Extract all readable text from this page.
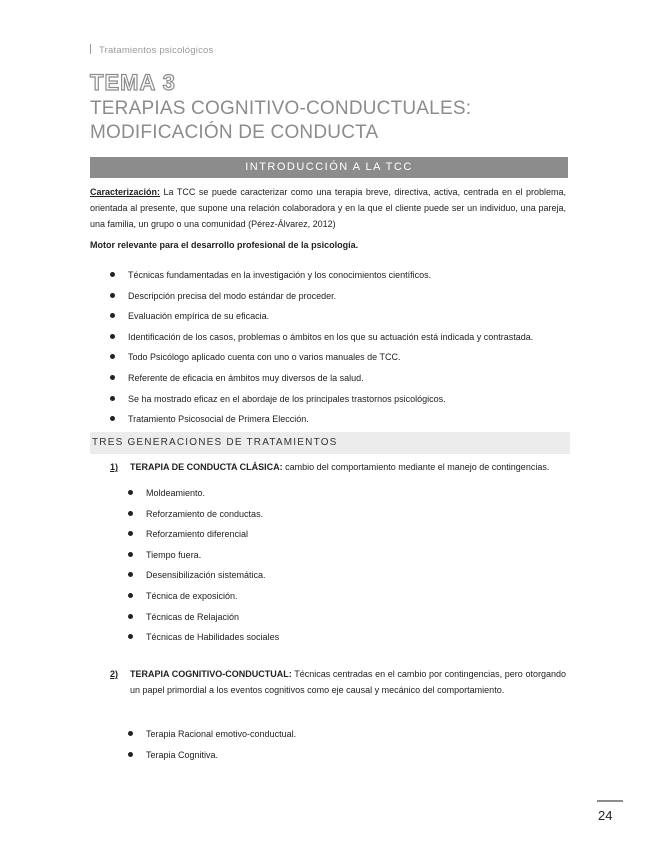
Tratamientos psicológicos
TEMA 3
TERAPIAS COGNITIVO-CONDUCTUALES: MODIFICACIÓN DE CONDUCTA
INTRODUCCIÓN A LA TCC
Caracterización: La TCC se puede caracterizar como una terapia breve, directiva, activa, centrada en el problema, orientada al presente, que supone una relación colaboradora y en la que el cliente puede ser un individuo, una pareja, una familia, un grupo o una comunidad (Pérez-Álvarez, 2012)
Motor relevante para el desarrollo profesional de la psicología.
Técnicas fundamentadas en la investigación y los conocimientos científicos.
Descripción precisa del modo estándar de proceder.
Evaluación empírica de su eficacia.
Identificación de los casos, problemas o ámbitos en los que su actuación está indicada y contrastada.
Todo Psicólogo aplicado cuenta con uno o varios manuales de TCC.
Referente de eficacia en ámbitos muy diversos de la salud.
Se ha mostrado eficaz en el abordaje de los principales trastornos psicológicos.
Tratamiento Psicosocial de Primera Elección.
TRES GENERACIONES DE TRATAMIENTOS
1) TERAPIA DE CONDUCTA CLÁSICA: cambio del comportamiento mediante el manejo de contingencias.
Moldeamiento.
Reforzamiento de conductas.
Reforzamiento diferencial
Tiempo fuera.
Desensibilización sistemática.
Técnica de exposición.
Técnicas de Relajación
Técnicas de Habilidades sociales
2) TERAPIA COGNITIVO-CONDUCTUAL: Técnicas centradas en el cambio por contingencias, pero otorgando un papel primordial a los eventos cognitivos como eje causal y mecánico del comportamiento.
Terapia Racional emotivo-conductual.
Terapia Cognitiva.
24
